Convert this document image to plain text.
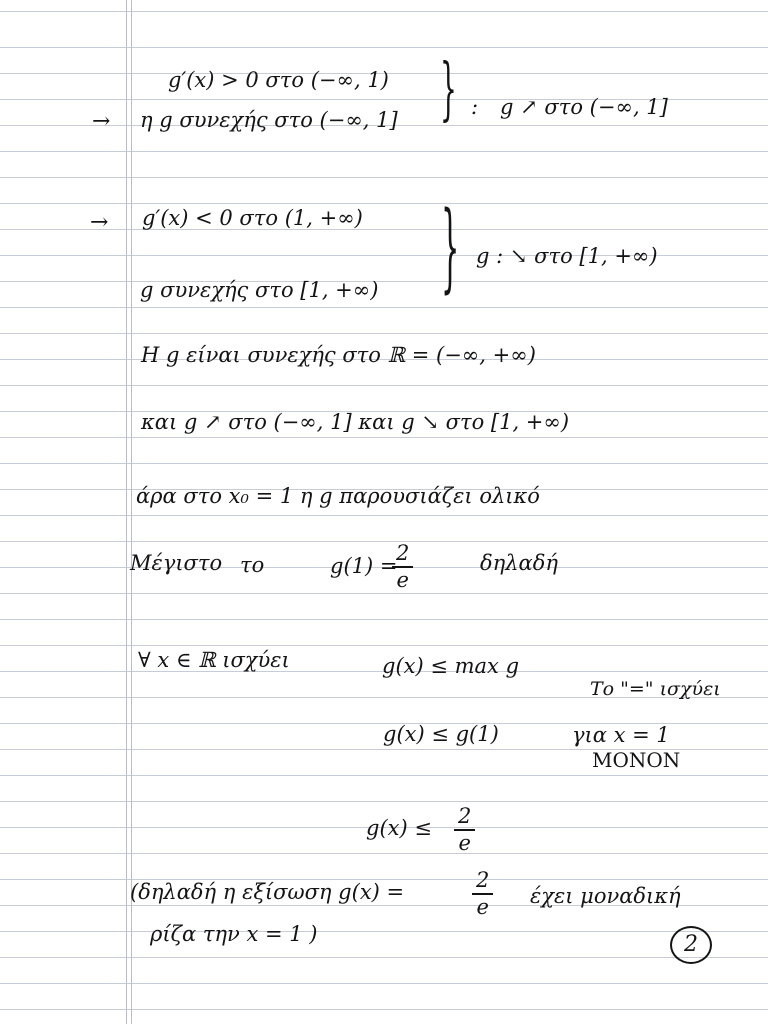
g′(x) > 0 στο (−∞, 1)
→ η g συνεχής στο (−∞, 1] } : g ↗ στο (−∞, 1]
→ g′(x) < 0 στο (1, +∞)
g συνεχής στο [1, +∞) } g : ↘ στο [1, +∞)
Η g είναι συνεχής στο ℝ = (−∞, +∞)
και g ↗ στο (−∞, 1] και g ↘ στο [1, +∞)
άρα στο x₀ = 1 η g παρουσιάζει ολικό
Μέγιστο το	g(1) =
$\frac{2}{e}$	δηλαδή
∀ x ∈ ℝ ισχύει	g(x) ≤ max g
Το "=" ισχύει
g(x) ≤ g(1)	για x = 1
ΜΟΝΟΝ
$g(x) \le \frac{2}{e}$
(δηλαδή η εξίσωση g(x) =	$\frac{2}{e}$ έχει μοναδική
ρίζα την x = 1 )	2
